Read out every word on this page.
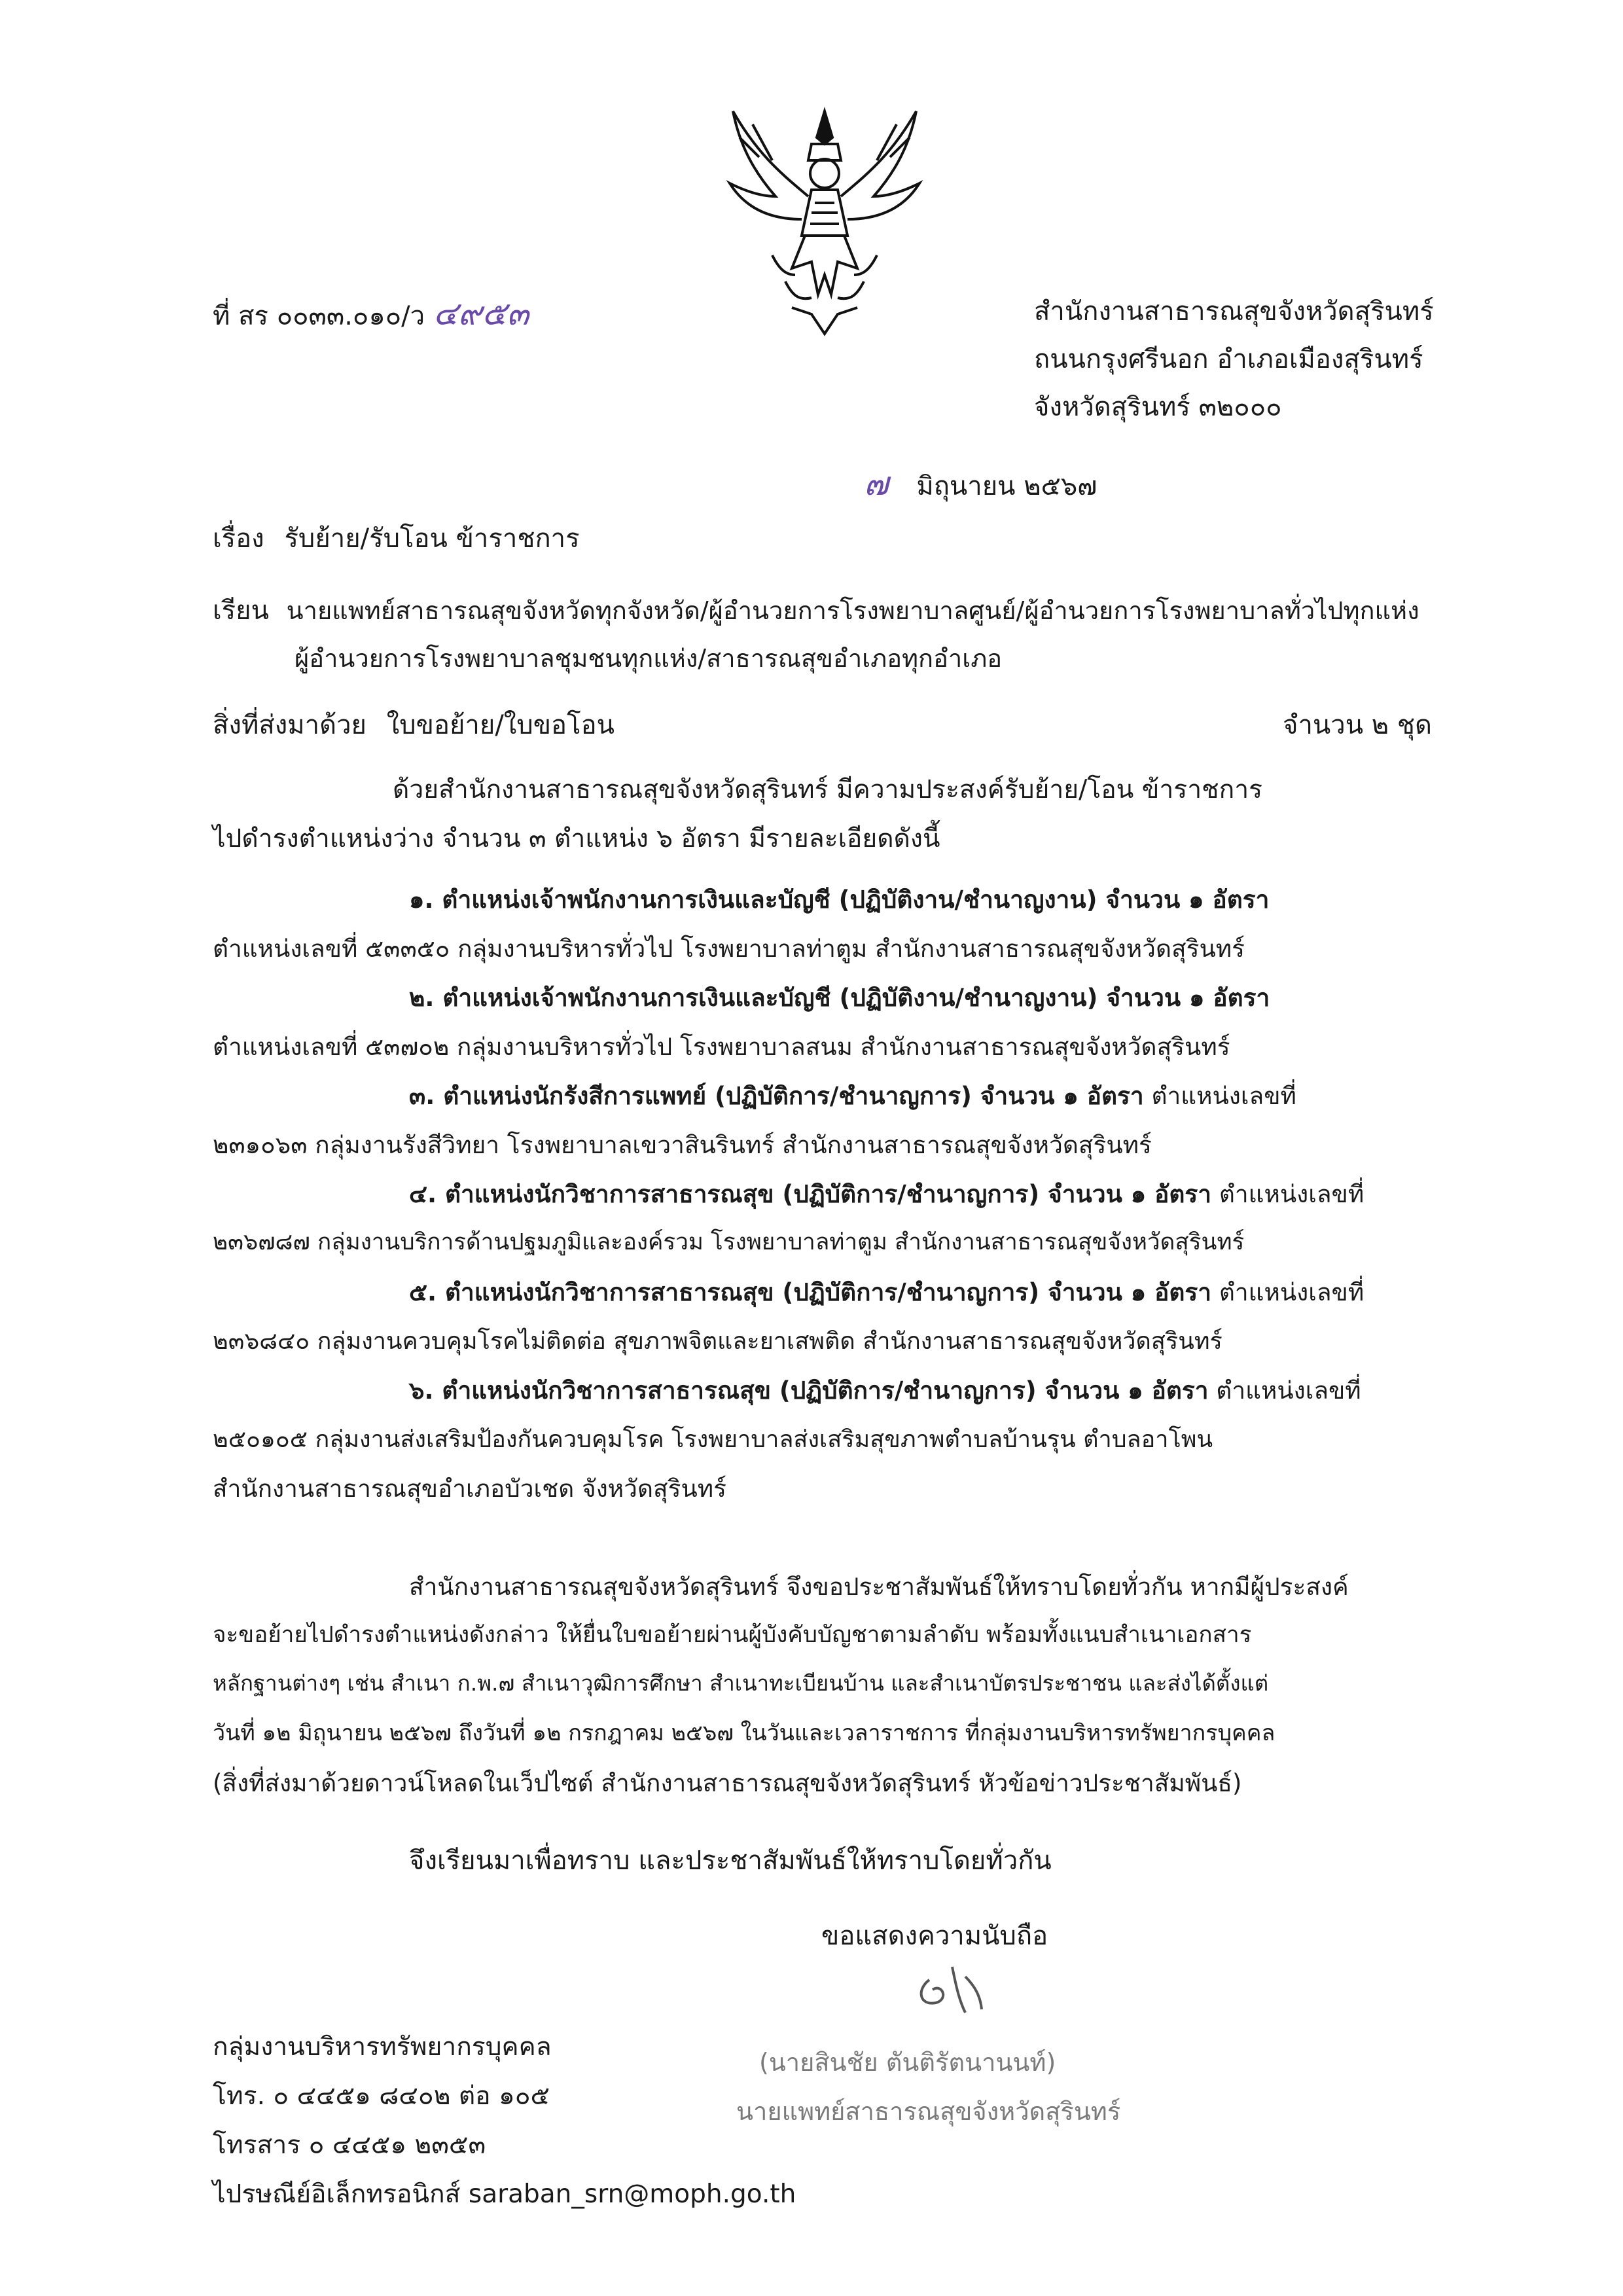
ที่ สร ๐๐๓๓.๐๑๐/ว ๔๙๕๓	สำนักงานสาธารณสุขจังหวัดสุรินทร์
ถนนกรุงศรีนอก อำเภอเมืองสุรินทร์
จังหวัดสุรินทร์ ๓๒๐๐๐
๗ มิถุนายน ๒๕๖๗
เรื่อง รับย้าย/รับโอน ข้าราชการ
เรียน นายแพทย์สาธารณสุขจังหวัดทุกจังหวัด/ผู้อำนวยการโรงพยาบาลศูนย์/ผู้อำนวยการโรงพยาบาลทั่วไปทุกแห่ง
ผู้อำนวยการโรงพยาบาลชุมชนทุกแห่ง/สาธารณสุขอำเภอทุกอำเภอ
สิ่งที่ส่งมาด้วย ใบขอย้าย/ใบขอโอน	จำนวน ๒ ชุด
ด้วยสำนักงานสาธารณสุขจังหวัดสุรินทร์ มีความประสงค์รับย้าย/โอน ข้าราชการ
ไปดำรงตำแหน่งว่าง จำนวน ๓ ตำแหน่ง ๖ อัตรา มีรายละเอียดดังนี้
๑. ตำแหน่งเจ้าพนักงานการเงินและบัญชี (ปฏิบัติงาน/ชำนาญงาน) จำนวน ๑ อัตรา
ตำแหน่งเลขที่ ๕๓๓๕๐ กลุ่มงานบริหารทั่วไป โรงพยาบาลท่าตูม สำนักงานสาธารณสุขจังหวัดสุรินทร์
๒. ตำแหน่งเจ้าพนักงานการเงินและบัญชี (ปฏิบัติงาน/ชำนาญงาน) จำนวน ๑ อัตรา
ตำแหน่งเลขที่ ๕๓๗๐๒ กลุ่มงานบริหารทั่วไป โรงพยาบาลสนม สำนักงานสาธารณสุขจังหวัดสุรินทร์
๓. ตำแหน่งนักรังสีการแพทย์ (ปฏิบัติการ/ชำนาญการ) จำนวน ๑ อัตรา ตำแหน่งเลขที่
๒๓๑๐๖๓ กลุ่มงานรังสีวิทยา โรงพยาบาลเขวาสินรินทร์ สำนักงานสาธารณสุขจังหวัดสุรินทร์
๔. ตำแหน่งนักวิชาการสาธารณสุข (ปฏิบัติการ/ชำนาญการ) จำนวน ๑ อัตรา ตำแหน่งเลขที่
๒๓๖๗๘๗ กลุ่มงานบริการด้านปฐมภูมิและองค์รวม โรงพยาบาลท่าตูม สำนักงานสาธารณสุขจังหวัดสุรินทร์
๕. ตำแหน่งนักวิชาการสาธารณสุข (ปฏิบัติการ/ชำนาญการ) จำนวน ๑ อัตรา ตำแหน่งเลขที่
๒๓๖๘๔๐ กลุ่มงานควบคุมโรคไม่ติดต่อ สุขภาพจิตและยาเสพติด สำนักงานสาธารณสุขจังหวัดสุรินทร์
๖. ตำแหน่งนักวิชาการสาธารณสุข (ปฏิบัติการ/ชำนาญการ) จำนวน ๑ อัตรา ตำแหน่งเลขที่
๒๕๐๑๐๕ กลุ่มงานส่งเสริมป้องกันควบคุมโรค โรงพยาบาลส่งเสริมสุขภาพตำบลบ้านรุน ตำบลอาโพน
สำนักงานสาธารณสุขอำเภอบัวเชด จังหวัดสุรินทร์
สำนักงานสาธารณสุขจังหวัดสุรินทร์ จึงขอประชาสัมพันธ์ให้ทราบโดยทั่วกัน หากมีผู้ประสงค์
จะขอย้ายไปดำรงตำแหน่งดังกล่าว ให้ยื่นใบขอย้ายผ่านผู้บังคับบัญชาตามลำดับ พร้อมทั้งแนบสำเนาเอกสาร
หลักฐานต่างๆ เช่น สำเนา ก.พ.๗ สำเนาวุฒิการศึกษา สำเนาทะเบียนบ้าน และสำเนาบัตรประชาชน และส่งได้ตั้งแต่
วันที่ ๑๒ มิถุนายน ๒๕๖๗ ถึงวันที่ ๑๒ กรกฎาคม ๒๕๖๗ ในวันและเวลาราชการ ที่กลุ่มงานบริหารทรัพยากรบุคคล
(สิ่งที่ส่งมาด้วยดาวน์โหลดในเว็ปไซต์ สำนักงานสาธารณสุขจังหวัดสุรินทร์ หัวข้อข่าวประชาสัมพันธ์)
จึงเรียนมาเพื่อทราบ และประชาสัมพันธ์ให้ทราบโดยทั่วกัน
ขอแสดงความนับถือ
(นายสินชัย ตันติรัตนานนท์)
นายแพทย์สาธารณสุขจังหวัดสุรินทร์
กลุ่มงานบริหารทรัพยากรบุคคล
โทร. ๐ ๔๔๕๑ ๘๔๐๒ ต่อ ๑๐๕
โทรสาร ๐ ๔๔๕๑ ๒๓๕๓
ไปรษณีย์อิเล็กทรอนิกส์ saraban_srn@moph.go.th
